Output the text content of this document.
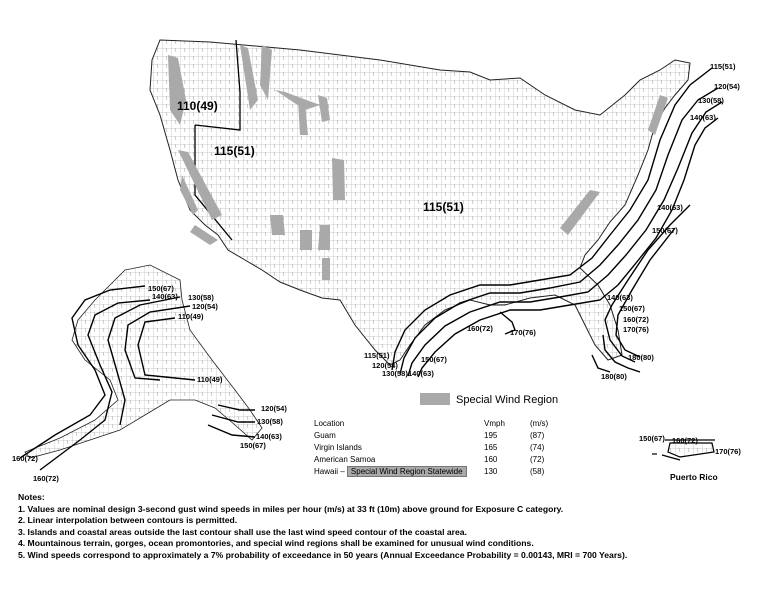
110(49)
115(51)
115(51)
115(51)
120(54)
130(58)
140(63)
140(63)
150(67)
140(63)
150(67)
160(72)
170(76)
180(80)
180(80)
160(72) 170(76)
115(51)
120(54)
130(58) 140(63)
150(67)
150(67)
140(63) 130(58)
120(54)
110(49)
110(49)
120(54)
130(58)
140(63)
150(67)
160(72)
160(72)
150(67) 160(72)
170(76)
Puerto Rico
Special Wind Region
Location	Vmph	(m/s)
Guam	195	(87)
Virgin Islands	165	(74)
American Samoa	160	(72)
Hawaii – Special Wind Region Statewide	130	(58)
Notes:
1. Values are nominal design 3-second gust wind speeds in miles per hour (m/s) at 33 ft (10m) above ground for Exposure C category.
2. Linear interpolation between contours is permitted.
3. Islands and coastal areas outside the last contour shall use the last wind speed contour of the coastal area.
4. Mountainous terrain, gorges, ocean promontories, and special wind regions shall be examined for unusual wind conditions.
5. Wind speeds correspond to approximately a 7% probability of exceedance in 50 years (Annual Exceedance Probability = 0.00143, MRI = 700 Years).
